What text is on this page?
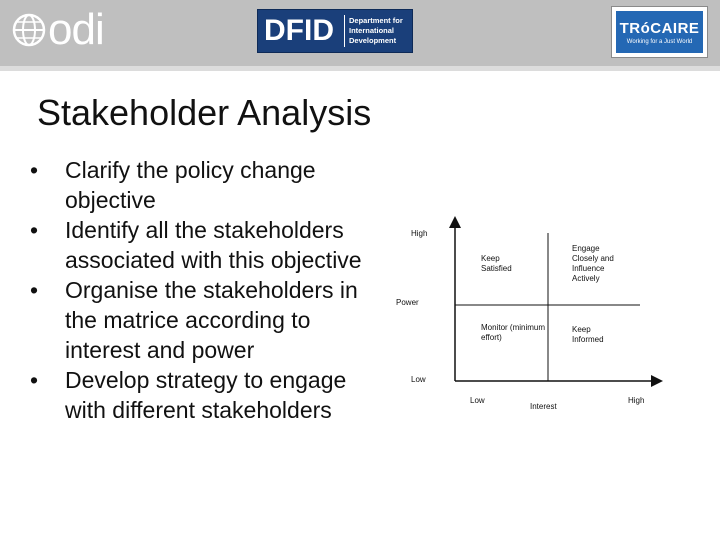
odi	DFID	Department for
International
Development
TRóCAIRE
Working for a Just World
Stakeholder Analysis
• Clarify the policy change objective
• Identify all the stakeholders associated with this objective
• Organise the stakeholders in the matrice according to interest and power
• Develop strategy to engage with different stakeholders
High
Power
Low
Low
Interest
High
Keep Satisfied
Engage Closely and Influence Actively
Monitor (minimum effort)
Keep Informed
